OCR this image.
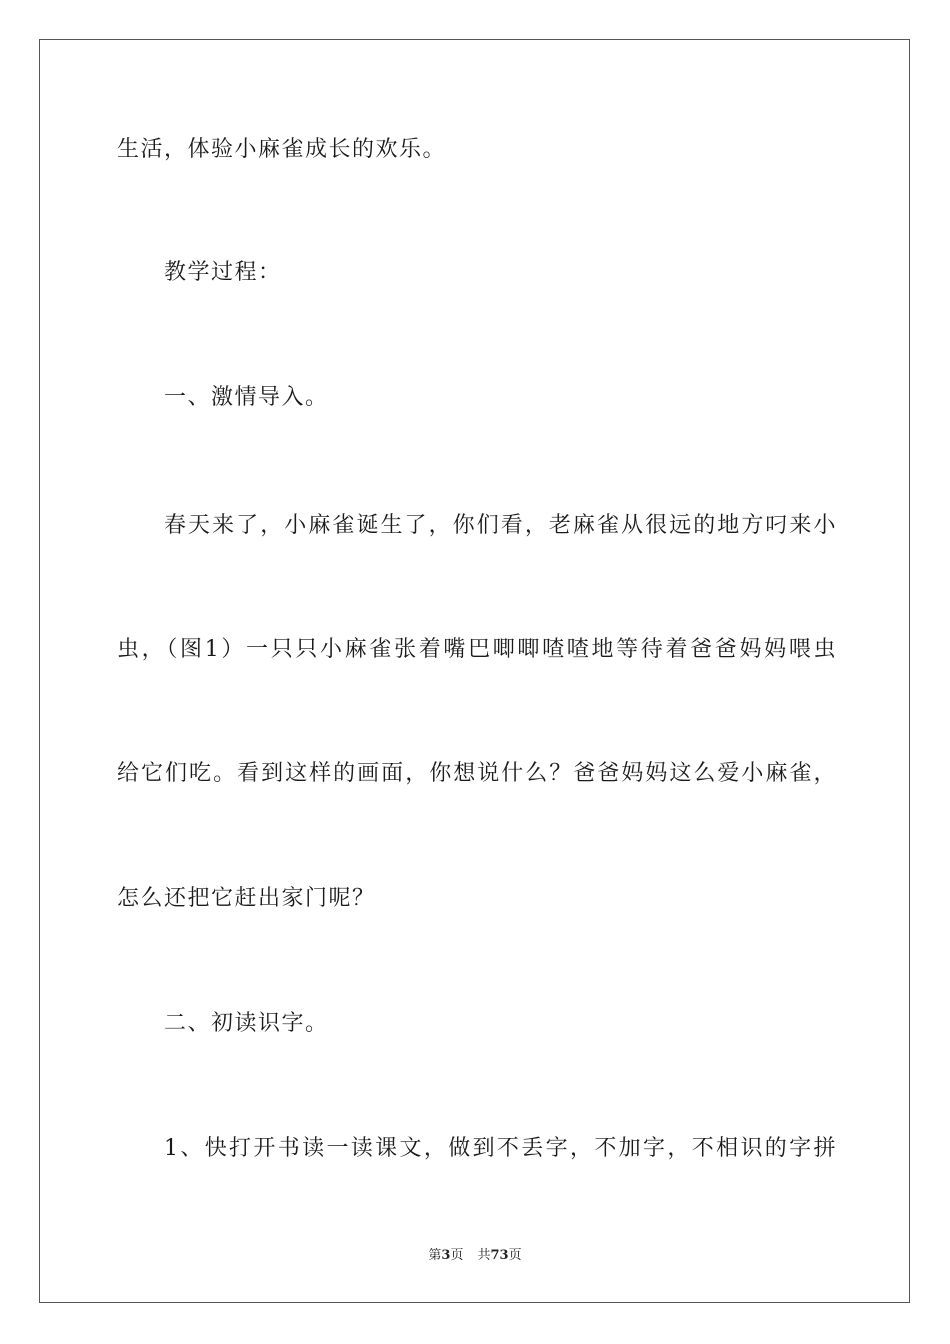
生活，体验小麻雀成长的欢乐。
教学过程：
一、激情导入。
春天来了，小麻雀诞生了，你们看，老麻雀从很远的地方叼来小
虫，（图1）一只只小麻雀张着嘴巴唧唧喳喳地等待着爸爸妈妈喂虫
给它们吃。看到这样的画面，你想说什么？爸爸妈妈这么爱小麻雀，
怎么还把它赶出家门呢？
二、初读识字。
1、快打开书读一读课文，做到不丢字，不加字，不相识的字拼
第3页 共73页
